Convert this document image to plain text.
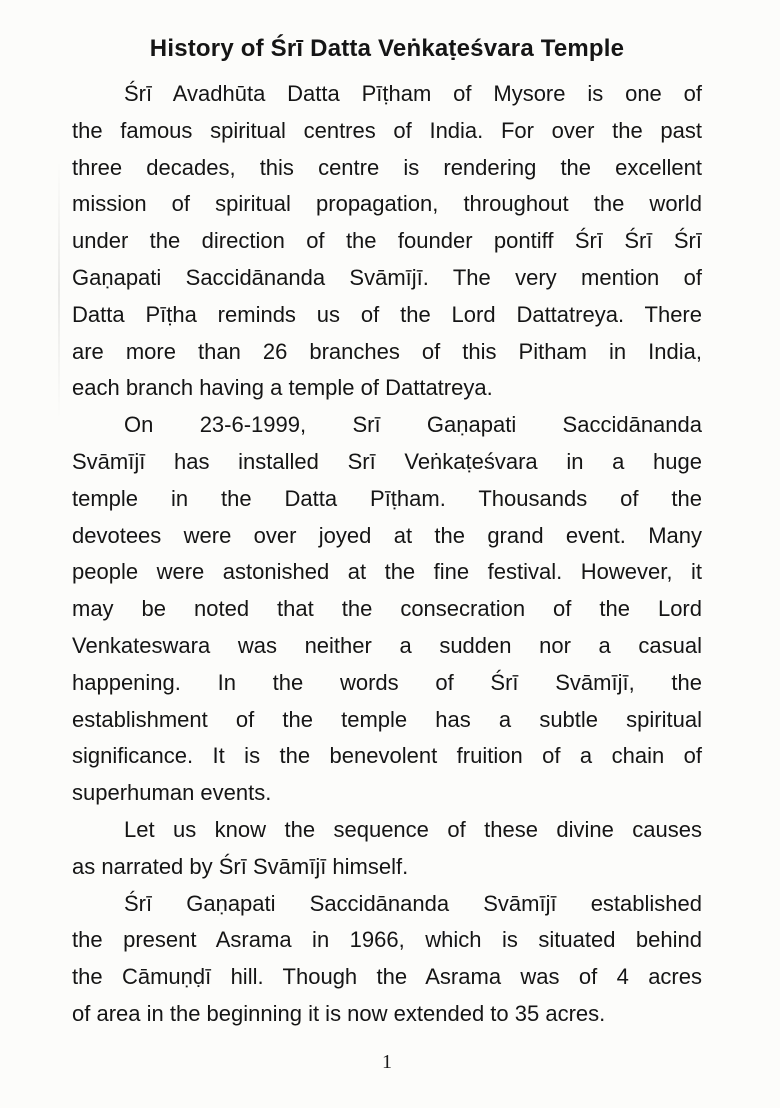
History of Śrī Datta Veṅkaṭeśvara Temple
Śrī Avadhūta Datta Pīṭham of Mysore is one of
the famous spiritual centres of India. For over the past
three decades, this centre is rendering the excellent
mission of spiritual propagation, throughout the world
under the direction of the founder pontiff Śrī Śrī Śrī
Gaṇapati Saccidānanda Svāmījī. The very mention of
Datta Pīṭha reminds us of the Lord Dattatreya. There
are more than 26 branches of this Pitham in India,
each branch having a temple of Dattatreya.
On 23-6-1999, Srī Gaṇapati Saccidānanda
Svāmījī has installed Srī Veṅkaṭeśvara in a huge
temple in the Datta Pīṭham. Thousands of the
devotees were over joyed at the grand event. Many
people were astonished at the fine festival. However, it
may be noted that the consecration of the Lord
Venkateswara was neither a sudden nor a casual
happening. In the words of Śrī Svāmījī, the
establishment of the temple has a subtle spiritual
significance. It is the benevolent fruition of a chain of
superhuman events.
Let us know the sequence of these divine causes
as narrated by Śrī Svāmījī himself.
Śrī Gaṇapati Saccidānanda Svāmījī established
the present Asrama in 1966, which is situated behind
the Cāmuṇḍī hill. Though the Asrama was of 4 acres
of area in the beginning it is now extended to 35 acres.
1
